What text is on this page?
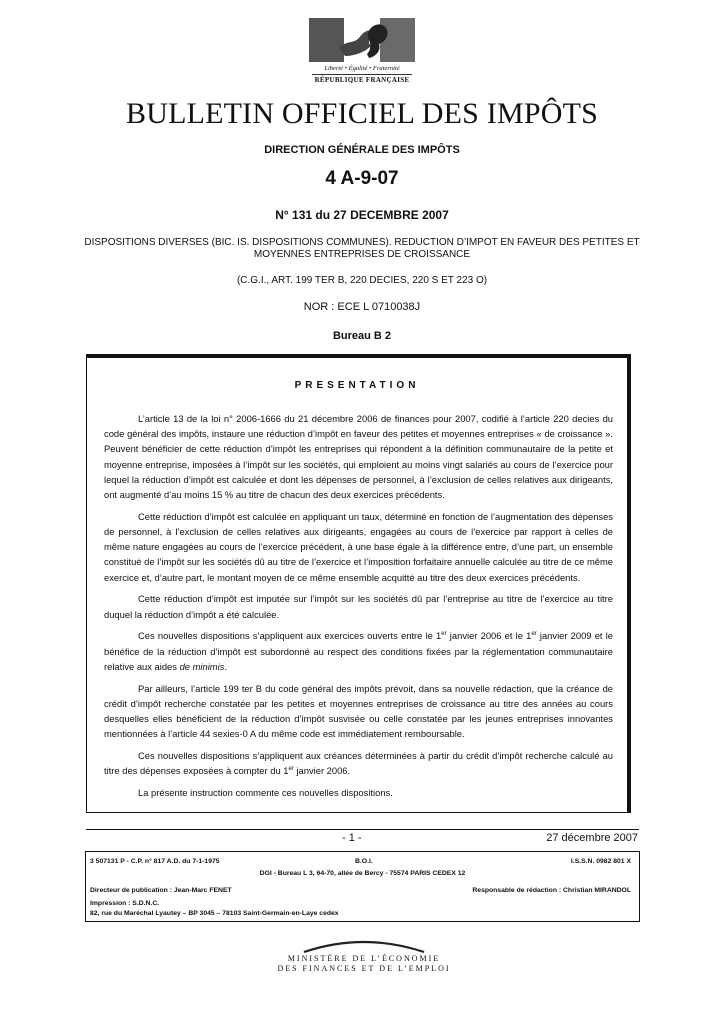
Liberté • Égalité • Fraternité
RÉPUBLIQUE FRANÇAISE
BULLETIN OFFICIEL DES IMPÔTS
DIRECTION GÉNÉRALE DES IMPÔTS
4 A-9-07
N° 131 du 27 DECEMBRE 2007
DISPOSITIONS DIVERSES (BIC. IS. DISPOSITIONS COMMUNES). REDUCTION D’IMPOT EN FAVEUR DES PETITES ET MOYENNES ENTREPRISES DE CROISSANCE
(C.G.I., ART. 199 TER B, 220 DECIES, 220 S ET 223 O)
NOR : ECE L 0710038J
Bureau B 2
PRESENTATION

L’article 13 de la loi n° 2006-1666 du 21 décembre 2006 de finances pour 2007, codifié à l’article 220 decies du code général des impôts, instaure une réduction d’impôt en faveur des petites et moyennes entreprises « de croissance ». Peuvent bénéficier de cette réduction d’impôt les entreprises qui répondent à la définition communautaire de la petite et moyenne entreprise, imposées à l’impôt sur les sociétés, qui emploient au moins vingt salariés au cours de l’exercice pour lequel la réduction d’impôt est calculée et dont les dépenses de personnel, à l’exclusion de celles relatives aux dirigeants, ont augmenté d’au moins 15 % au titre de chacun des deux exercices précédents.

Cette réduction d’impôt est calculée en appliquant un taux, déterminé en fonction de l’augmentation des dépenses de personnel, à l’exclusion de celles relatives aux dirigeants, engagées au cours de l’exercice par rapport à celles de même nature engagées au cours de l’exercice précédent, à une base égale à la différence entre, d’une part, un ensemble constitué de l’impôt sur les sociétés dû au titre de l’exercice et l’imposition forfaitaire annuelle calculée au titre de ce même exercice et, d’autre part, le montant moyen de ce même ensemble acquitté au titre des deux exercices précédents.

Cette réduction d’impôt est imputée sur l’impôt sur les sociétés dû par l’entreprise au titre de l’exercice au titre duquel la réduction d’impôt a été calculée.

Ces nouvelles dispositions s’appliquent aux exercices ouverts entre le 1er janvier 2006 et le 1er janvier 2009 et le bénéfice de la réduction d’impôt est subordonné au respect des conditions fixées par la réglementation communautaire relative aux aides de minimis.

Par ailleurs, l’article 199 ter B du code général des impôts prévoit, dans sa nouvelle rédaction, que la créance de crédit d’impôt recherche constatée par les petites et moyennes entreprises de croissance au titre des années au cours desquelles elles bénéficient de la réduction d’impôt susvisée ou celle constatée par les jeunes entreprises innovantes mentionnées à l’article 44 sexies-0 A du même code est immédiatement remboursable.

Ces nouvelles dispositions s’appliquent aux créances déterminées à partir du crédit d’impôt recherche calculé au titre des dépenses exposées à compter du 1er janvier 2006.

La présente instruction commente ces nouvelles dispositions.

- 1 -	27 décembre 2007
3 507131 P - C.P. n° 817 A.D. du 7-1-1975	B.O.I.	I.S.S.N. 0982 801 X
DGI - Bureau L 3, 64-70, allée de Bercy - 75574 PARIS CEDEX 12
Directeur de publication : Jean-Marc FENET	Responsable de rédaction : Christian MIRANDOL
Impression : S.D.N.C.
82, rue du Maréchal Lyautey – BP 3045 – 78103 Saint-Germain-en-Laye cedex
MINISTÈRE DE L’ÉCONOMIE
DES FINANCES ET DE L’EMPLOI
